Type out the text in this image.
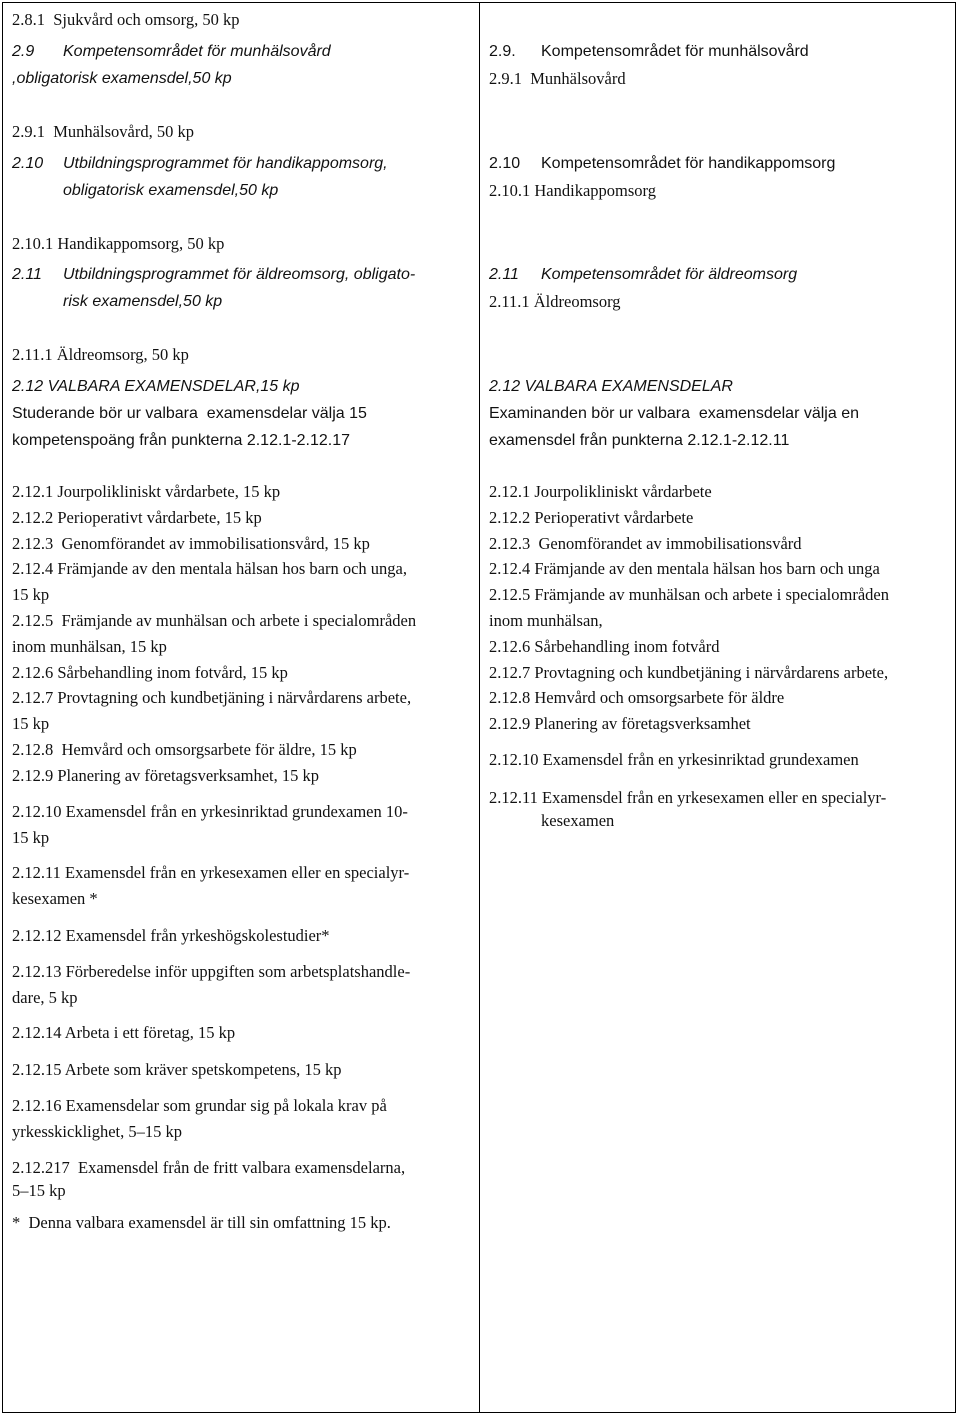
2.8.1  Sjukvård och omsorg, 50 kp
2.9 Kompetensområdet för munhälsovård
,obligatorisk examensdel,50 kp
2.9.1  Munhälsovård, 50 kp
2.10 Utbildningsprogrammet för handikappomsorg,
obligatorisk examensdel,50 kp
2.10.1 Handikappomsorg, 50 kp
2.11 Utbildningsprogrammet för äldreomsorg, obligato-
risk examensdel,50 kp
2.11.1 Äldreomsorg, 50 kp
2.12 VALBARA EXAMENSDELAR,15 kp
Studerande bör ur valbara  examensdelar välja 15
kompetenspoäng från punkterna 2.12.1-2.12.17
2.12.1 Jourpolikliniskt vårdarbete, 15 kp
2.12.2 Perioperativt vårdarbete, 15 kp
2.12.3  Genomförandet av immobilisationsvård, 15 kp
2.12.4 Främjande av den mentala hälsan hos barn och unga,
15 kp
2.12.5  Främjande av munhälsan och arbete i specialområden
inom munhälsan, 15 kp
2.12.6 Sårbehandling inom fotvård, 15 kp
2.12.7 Provtagning och kundbetjäning i närvårdarens arbete,
15 kp
2.12.8  Hemvård och omsorgsarbete för äldre, 15 kp
2.12.9 Planering av företagsverksamhet, 15 kp
2.12.10 Examensdel från en yrkesinriktad grundexamen 10-
15 kp
2.12.11 Examensdel från en yrkesexamen eller en specialyr-
kesexamen *
2.12.12 Examensdel från yrkeshögskolestudier*
2.12.13 Förberedelse inför uppgiften som arbetsplatshandle-
dare, 5 kp
2.12.14 Arbeta i ett företag, 15 kp
2.12.15 Arbete som kräver spetskompetens, 15 kp
2.12.16 Examensdelar som grundar sig på lokala krav på
yrkesskicklighet, 5–15 kp
2.12.217  Examensdel från de fritt valbara examensdelarna,
5–15 kp
*  Denna valbara examensdel är till sin omfattning 15 kp.
2.9. Kompetensområdet för munhälsovård
2.9.1  Munhälsovård
2.10 Kompetensområdet för handikappomsorg
2.10.1 Handikappomsorg
2.11 Kompetensområdet för äldreomsorg
2.11.1 Äldreomsorg
2.12 VALBARA EXAMENSDELAR
Examinanden bör ur valbara  examensdelar välja en
examensdel från punkterna 2.12.1-2.12.11
2.12.1 Jourpolikliniskt vårdarbete
2.12.2 Perioperativt vårdarbete
2.12.3  Genomförandet av immobilisationsvård
2.12.4 Främjande av den mentala hälsan hos barn och unga
2.12.5 Främjande av munhälsan och arbete i specialområden
inom munhälsan,
2.12.6 Sårbehandling inom fotvård
2.12.7 Provtagning och kundbetjäning i närvårdarens arbete,
2.12.8 Hemvård och omsorgsarbete för äldre
2.12.9 Planering av företagsverksamhet
2.12.10 Examensdel från en yrkesinriktad grundexamen
2.12.11 Examensdel från en yrkesexamen eller en specialyr-
kesexamen
